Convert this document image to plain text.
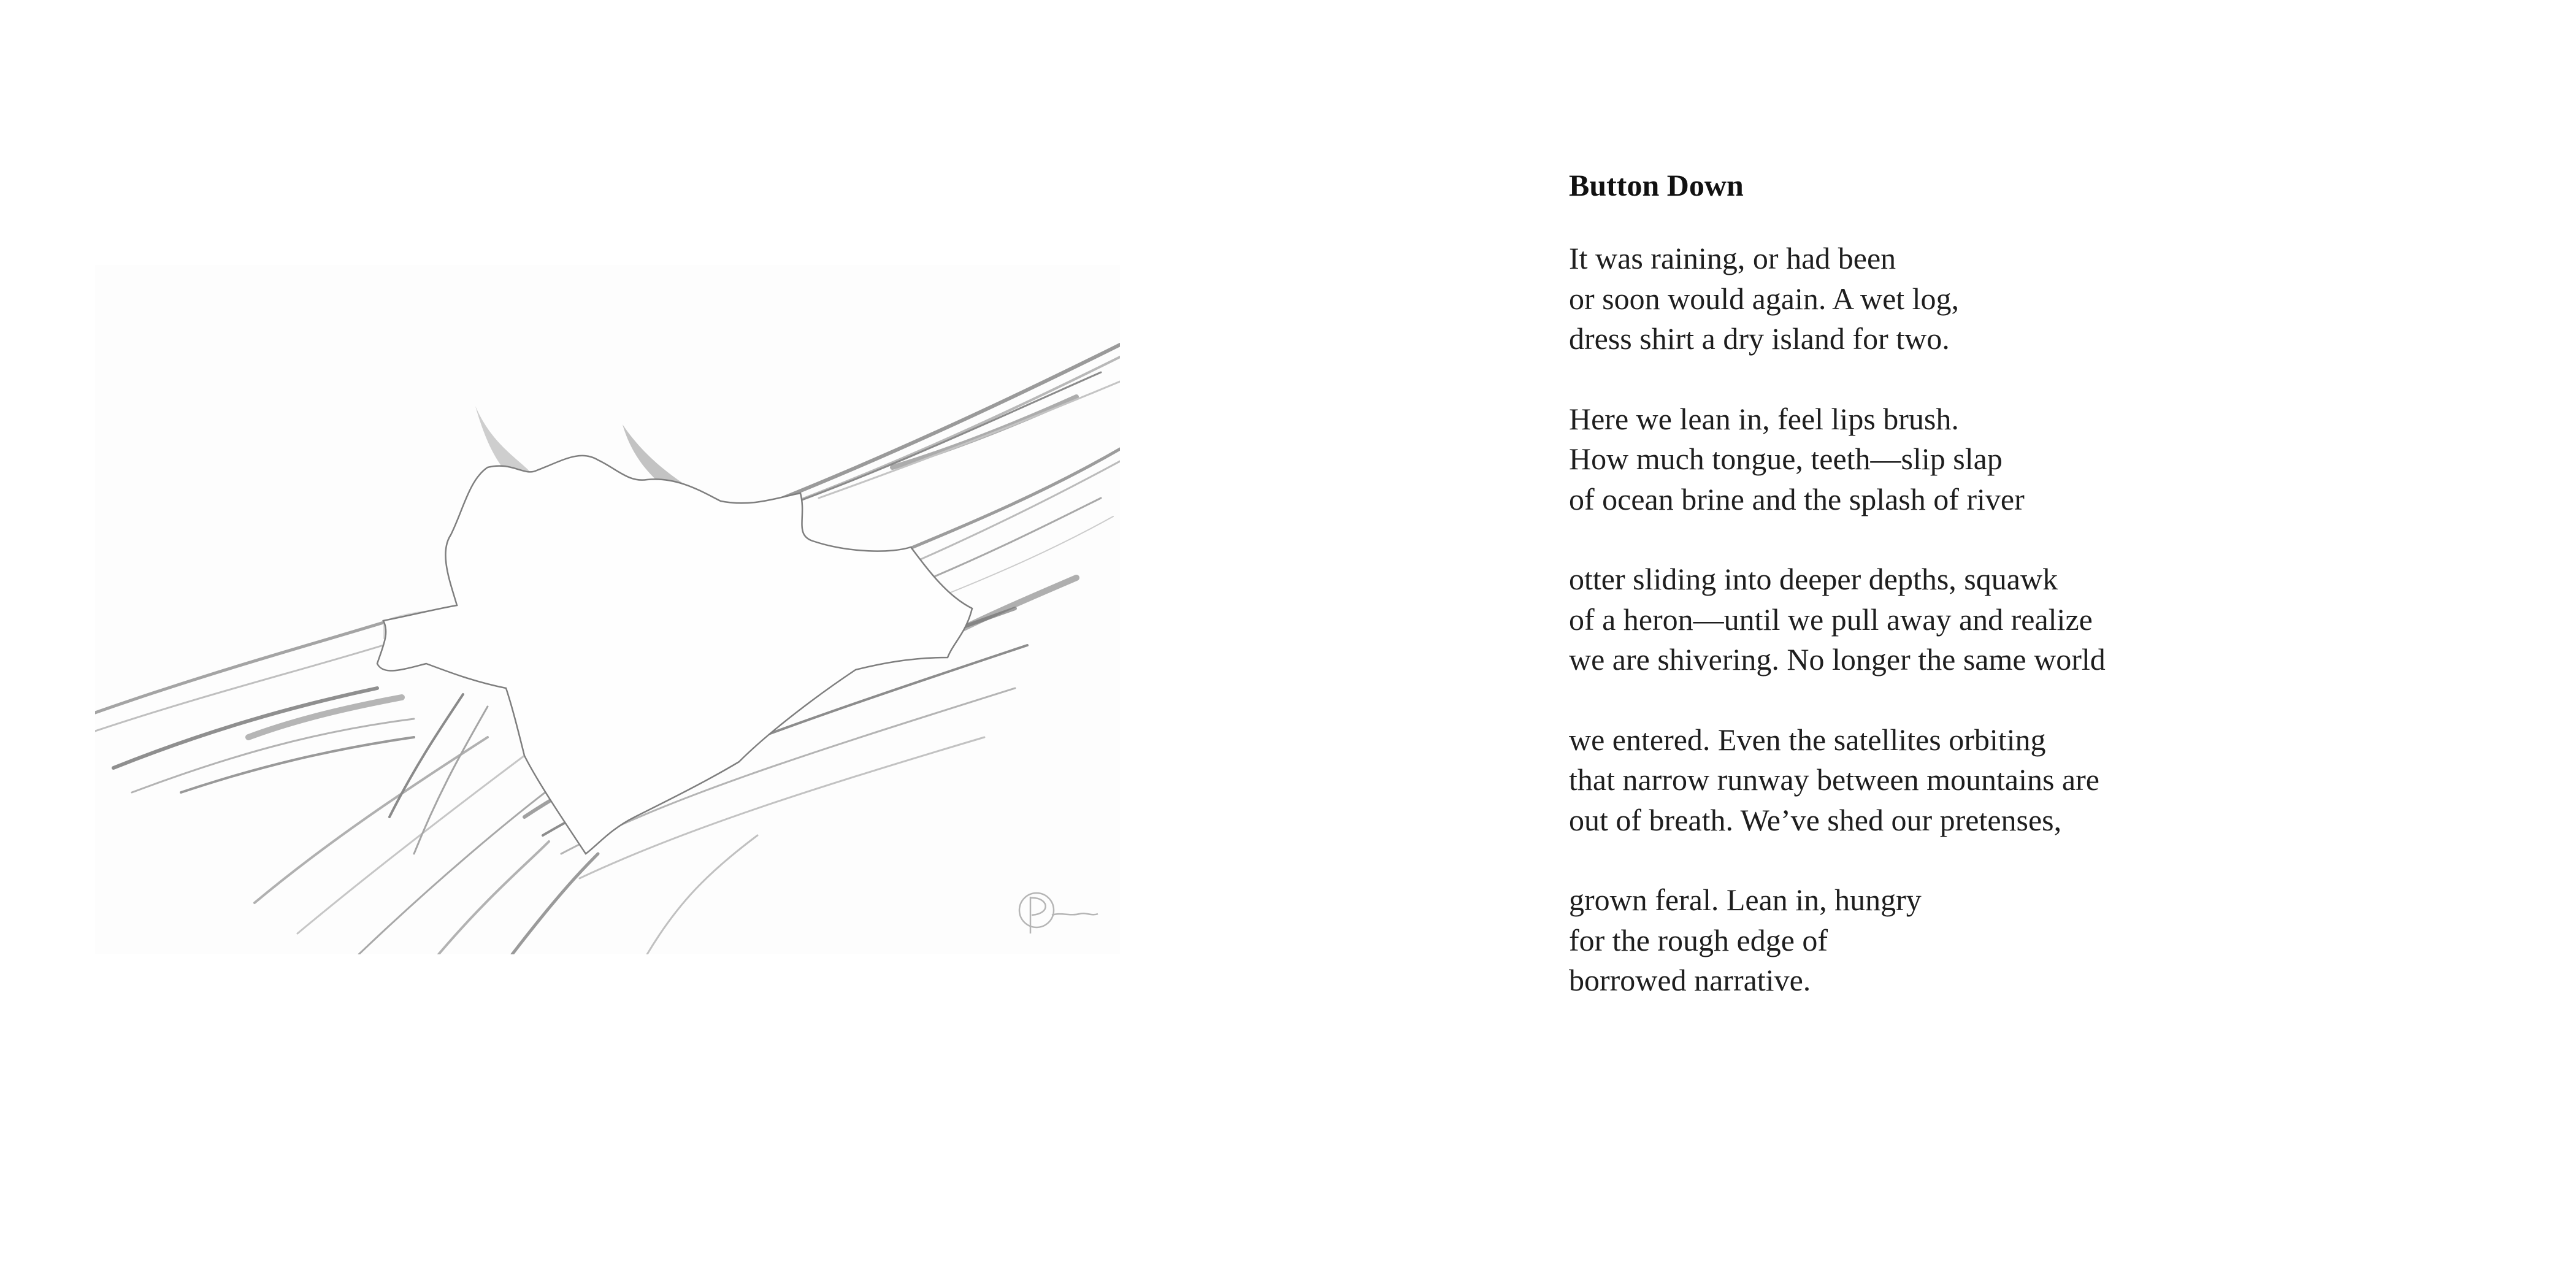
Button Down
It was raining, or had been
or soon would again. A wet log,
dress shirt a dry island for two.
Here we lean in, feel lips brush.
How much tongue, teeth—slip slap
of ocean brine and the splash of river
otter sliding into deeper depths, squawk
of a heron—until we pull away and realize
we are shivering. No longer the same world
we entered. Even the satellites orbiting
that narrow runway between mountains are
out of breath. We’ve shed our pretenses,
grown feral. Lean in, hungry
for the rough edge of
borrowed narrative.
